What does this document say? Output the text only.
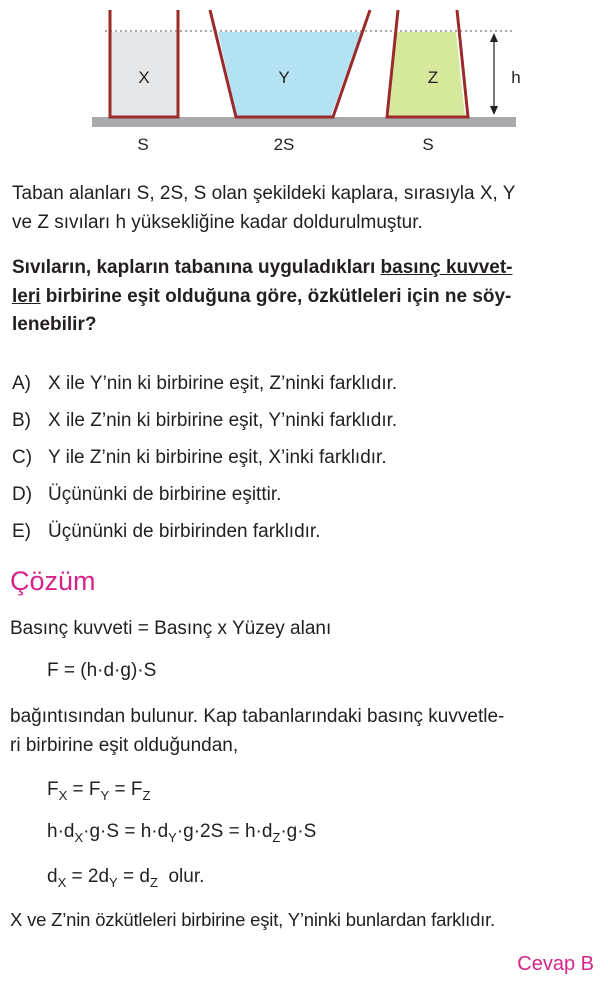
X	Y	Z	h
S	2S	S
Taban alanları S, 2S, S olan şekildeki kaplara, sırasıyla X, Y
ve Z sıvıları h yüksekliğine kadar doldurulmuştur.
Sıvıların, kapların tabanına uyguladıkları basınç kuvvet-
leri birbirine eşit olduğuna göre, özkütleleri için ne söy-
lenebilir?
A) X ile Y’nin ki birbirine eşit, Z’ninki farklıdır.
B) X ile Z’nin ki birbirine eşit, Y’ninki farklıdır.
C) Y ile Z’nin ki birbirine eşit, X’inki farklıdır.
D) Üçününki de birbirine eşittir.
E) Üçününki de birbirinden farklıdır.
Çözüm
Basınç kuvveti = Basınç x Yüzey alanı
F = (h·d·g)·S
bağıntısından bulunur. Kap tabanlarındaki basınç kuvvetle-
ri birbirine eşit olduğundan,
$F_X = F_Y = F_Z$
$h\cdot d_X\cdot g\cdot S = h\cdot d_Y\cdot g\cdot 2S = h\cdot d_Z\cdot g\cdot S$
$d_X = 2d_Y = d_Z$  olur.
X ve Z’nin özkütleleri birbirine eşit, Y’ninki bunlardan farklıdır.
Cevap B
